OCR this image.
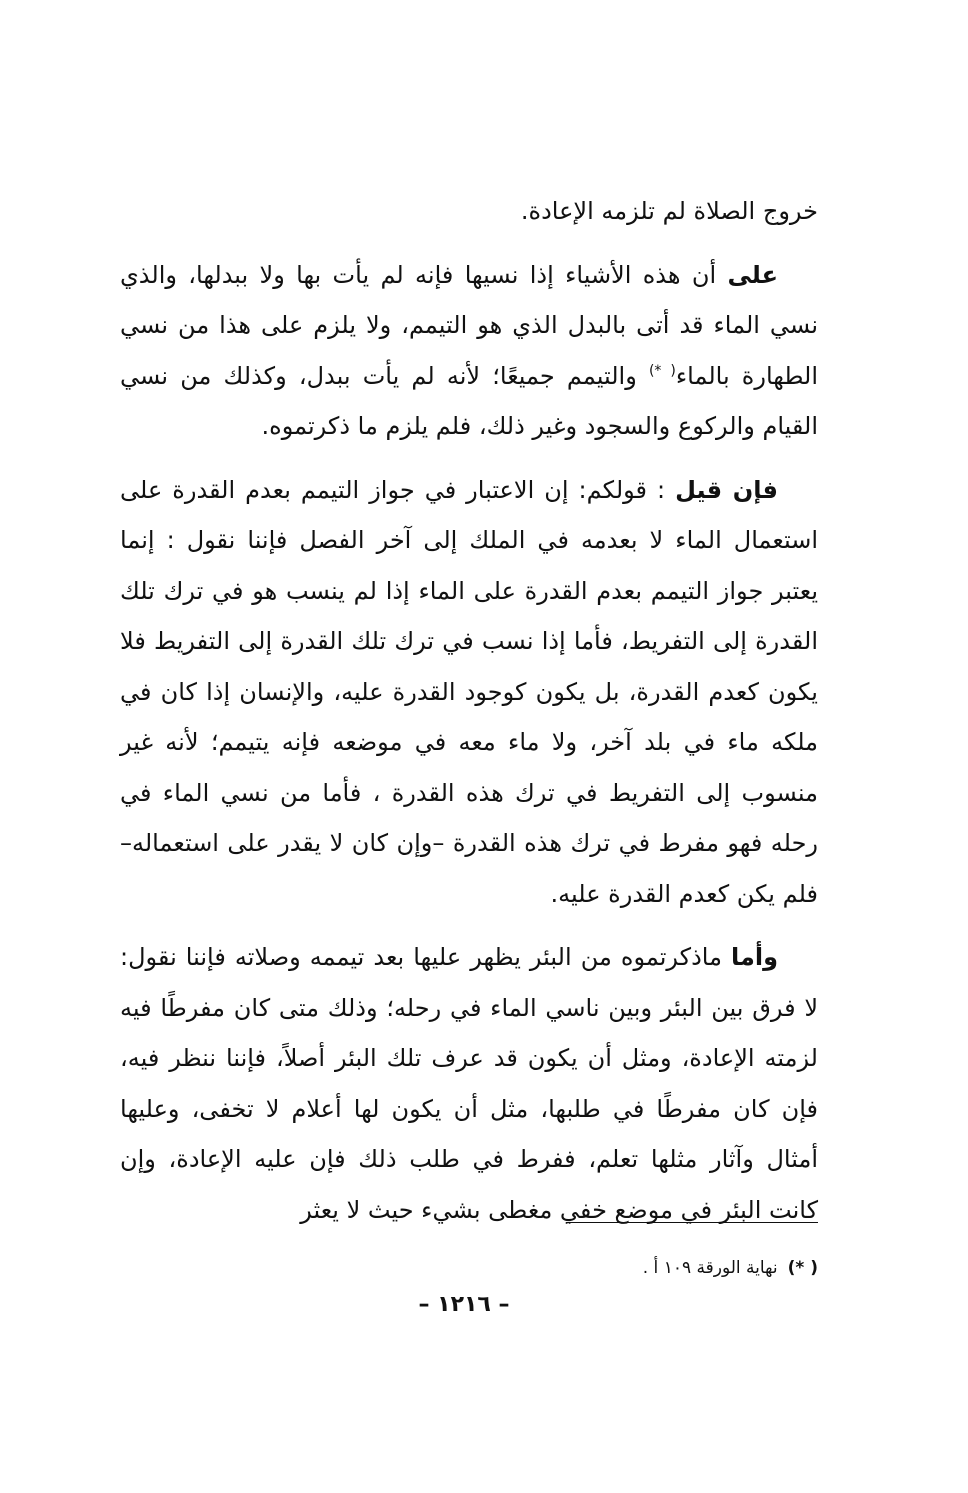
خروج الصلاة لم تلزمه الإعادة.

على أن هذه الأشياء إذا نسيها فإنه لم يأت بها ولا ببدلها، والذي نسي الماء قد أتى بالبدل الذي هو التيمم، ولا يلزم على هذا من نسي الطهارة بالماء( *) والتيمم جميعًا؛ لأنه لم يأت ببدل، وكذلك من نسي القيام والركوع والسجود وغير ذلك، فلم يلزم ما ذكرتموه.

فإن قيل : قولكم: إن الاعتبار في جواز التيمم بعدم القدرة على استعمال الماء لا بعدمه في الملك إلى آخر الفصل فإننا نقول : إنما يعتبر جواز التيمم بعدم القدرة على الماء إذا لم ينسب هو في ترك تلك القدرة إلى التفريط، فأما إذا نسب في ترك تلك القدرة إلى التفريط فلا يكون كعدم القدرة، بل يكون كوجود القدرة عليه، والإنسان إذا كان في ملكه ماء في بلد آخر، ولا ماء معه في موضعه فإنه يتيمم؛ لأنه غير منسوب إلى التفريط في ترك هذه القدرة ، فأما من نسي الماء في رحله فهو مفرط في ترك هذه القدرة –وإن كان لا يقدر على استعماله– فلم يكن كعدم القدرة عليه.

وأما ماذكرتموه من البئر يظهر عليها بعد تيممه وصلاته فإننا نقول: لا فرق بين البئر وبين ناسي الماء في رحله؛ وذلك متى كان مفرطًا فيه لزمته الإعادة، ومثل أن يكون قد عرف تلك البئر أصلاً، فإننا ننظر فيه، فإن كان مفرطًا في طلبها، مثل أن يكون لها أعلام لا تخفى، وعليها أمثال وآثار مثلها تعلم، ففرط في طلب ذلك فإن عليه الإعادة، وإن كانت البئر في موضع خفي مغطى بشيء حيث لا يعثر

( *)نهاية الورقة ١٠٩ أ .
– ١٢١٦ –
